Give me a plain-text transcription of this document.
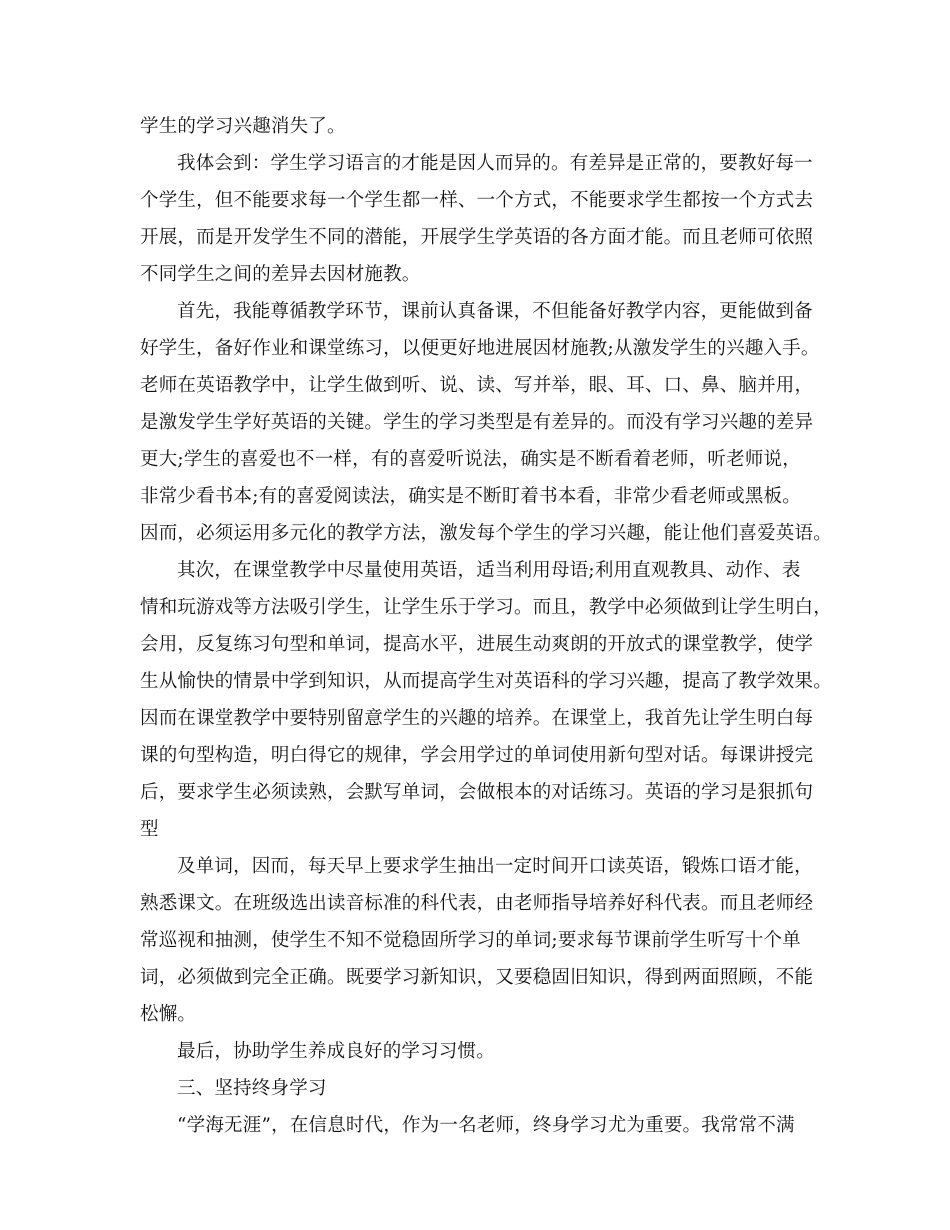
学生的学习兴趣消失了。

我体会到：学生学习语言的才能是因人而异的。有差异是正常的，要教好每一

个学生，但不能要求每一个学生都一样、一个方式，不能要求学生都按一个方式去

开展，而是开发学生不同的潜能，开展学生学英语的各方面才能。而且老师可依照

不同学生之间的差异去因材施教。

首先，我能尊循教学环节，课前认真备课，不但能备好教学内容，更能做到备

好学生，备好作业和课堂练习，以便更好地进展因材施教;从激发学生的兴趣入手。

老师在英语教学中，让学生做到听、说、读、写并举，眼、耳、口、鼻、脑并用，

是激发学生学好英语的关键。学生的学习类型是有差异的。而没有学习兴趣的差异

更大;学生的喜爱也不一样，有的喜爱听说法，确实是不断看着老师，听老师说，

非常少看书本;有的喜爱阅读法，确实是不断盯着书本看，非常少看老师或黑板。

因而，必须运用多元化的教学方法，激发每个学生的学习兴趣，能让他们喜爱英语。

其次，在课堂教学中尽量使用英语，适当利用母语;利用直观教具、动作、表

情和玩游戏等方法吸引学生，让学生乐于学习。而且，教学中必须做到让学生明白，

会用，反复练习句型和单词，提高水平，进展生动爽朗的开放式的课堂教学，使学

生从愉快的情景中学到知识，从而提高学生对英语科的学习兴趣，提高了教学效果。

因而在课堂教学中要特别留意学生的兴趣的培养。在课堂上，我首先让学生明白每

课的句型构造，明白得它的规律，学会用学过的单词使用新句型对话。每课讲授完

后，要求学生必须读熟，会默写单词，会做根本的对话练习。英语的学习是狠抓句

型

及单词，因而，每天早上要求学生抽出一定时间开口读英语，锻炼口语才能，

熟悉课文。在班级选出读音标准的科代表，由老师指导培养好科代表。而且老师经

常巡视和抽测，使学生不知不觉稳固所学习的单词;要求每节课前学生听写十个单

词，必须做到完全正确。既要学习新知识，又要稳固旧知识，得到两面照顾，不能

松懈。

最后，协助学生养成良好的学习习惯。

三、坚持终身学习

“学海无涯”，在信息时代，作为一名老师，终身学习尤为重要。我常常不满
